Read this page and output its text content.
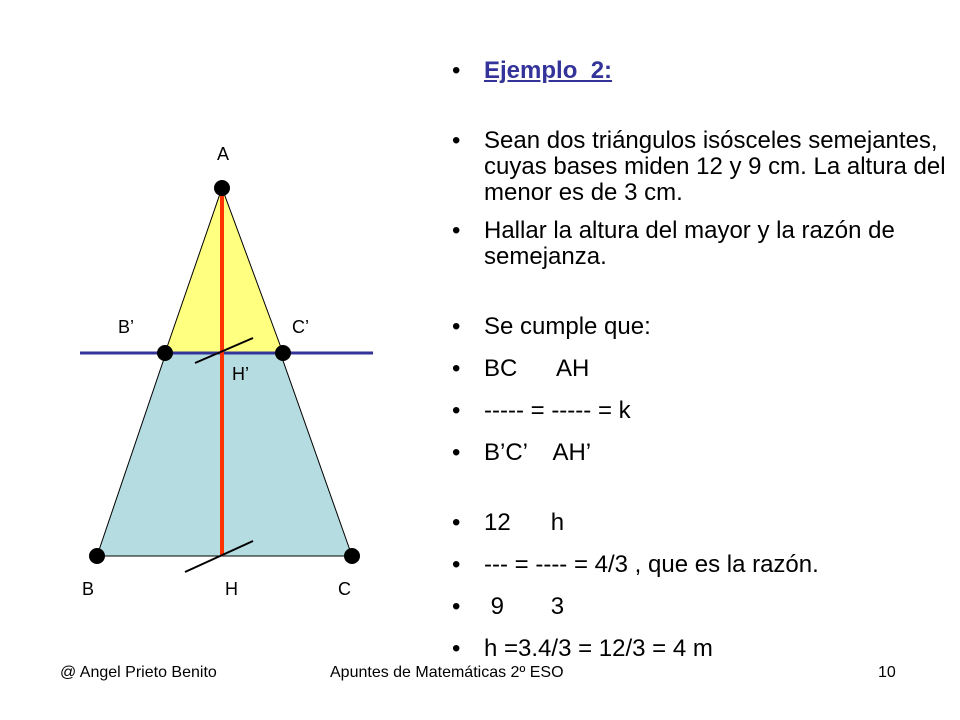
A
B’	C’
H’
B	H	C
• Ejemplo_2:
• Sean dos triángulos isósceles semejantes, cuyas bases miden 12 y 9 cm. La altura del menor es de 3 cm.
• Hallar la altura del mayor y la razón de semejanza.
• Se cumple que:
• BC      AH
• ----- = ----- = k
• B’C’    AH’
• 12      h
• --- = ---- = 4/3 , que es la razón.
• 9       3
• h =3.4/3 = 12/3 = 4 m
@ Angel Prieto Benito	Apuntes de Matemáticas 2º ESO	10
